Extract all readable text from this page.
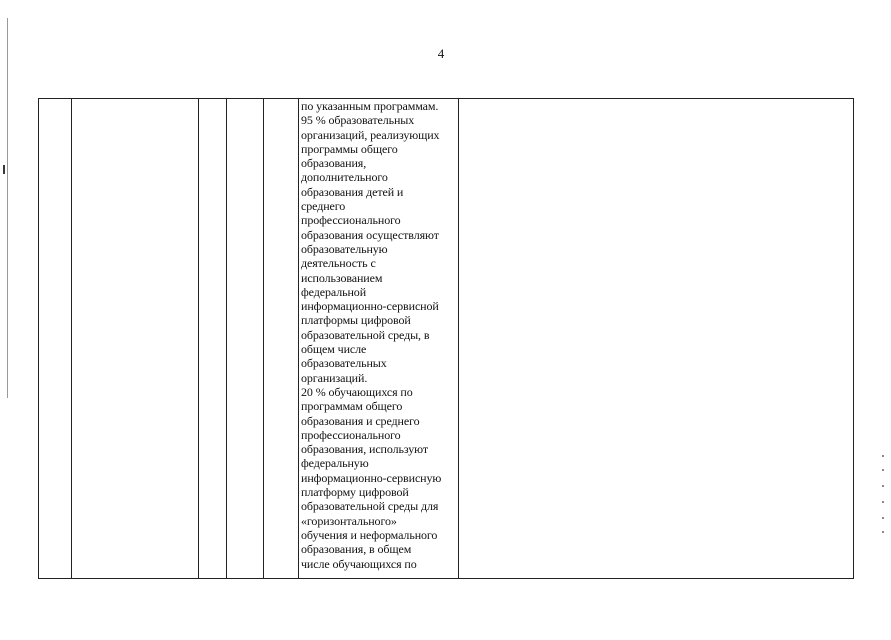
4
по указанным программам.
95 % образовательных
организаций, реализующих
программы общего
образования,
дополнительного
образования детей и
среднего
профессионального
образования осуществляют
образовательную
деятельность с
использованием
федеральной
информационно-сервисной
платформы цифровой
образовательной среды, в
общем числе
образовательных
организаций.
20 % обучающихся по
программам общего
образования и среднего
профессионального
образования, используют
федеральную
информационно-сервисную
платформу цифровой
образовательной среды для
«горизонтального»
обучения и неформального
образования, в общем
числе обучающихся по
